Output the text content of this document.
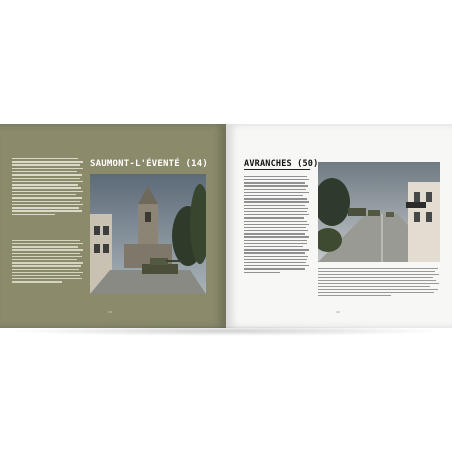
SAUMONT-L'ÉVENTÉ (14)
18
AVRANCHES (50)
19
